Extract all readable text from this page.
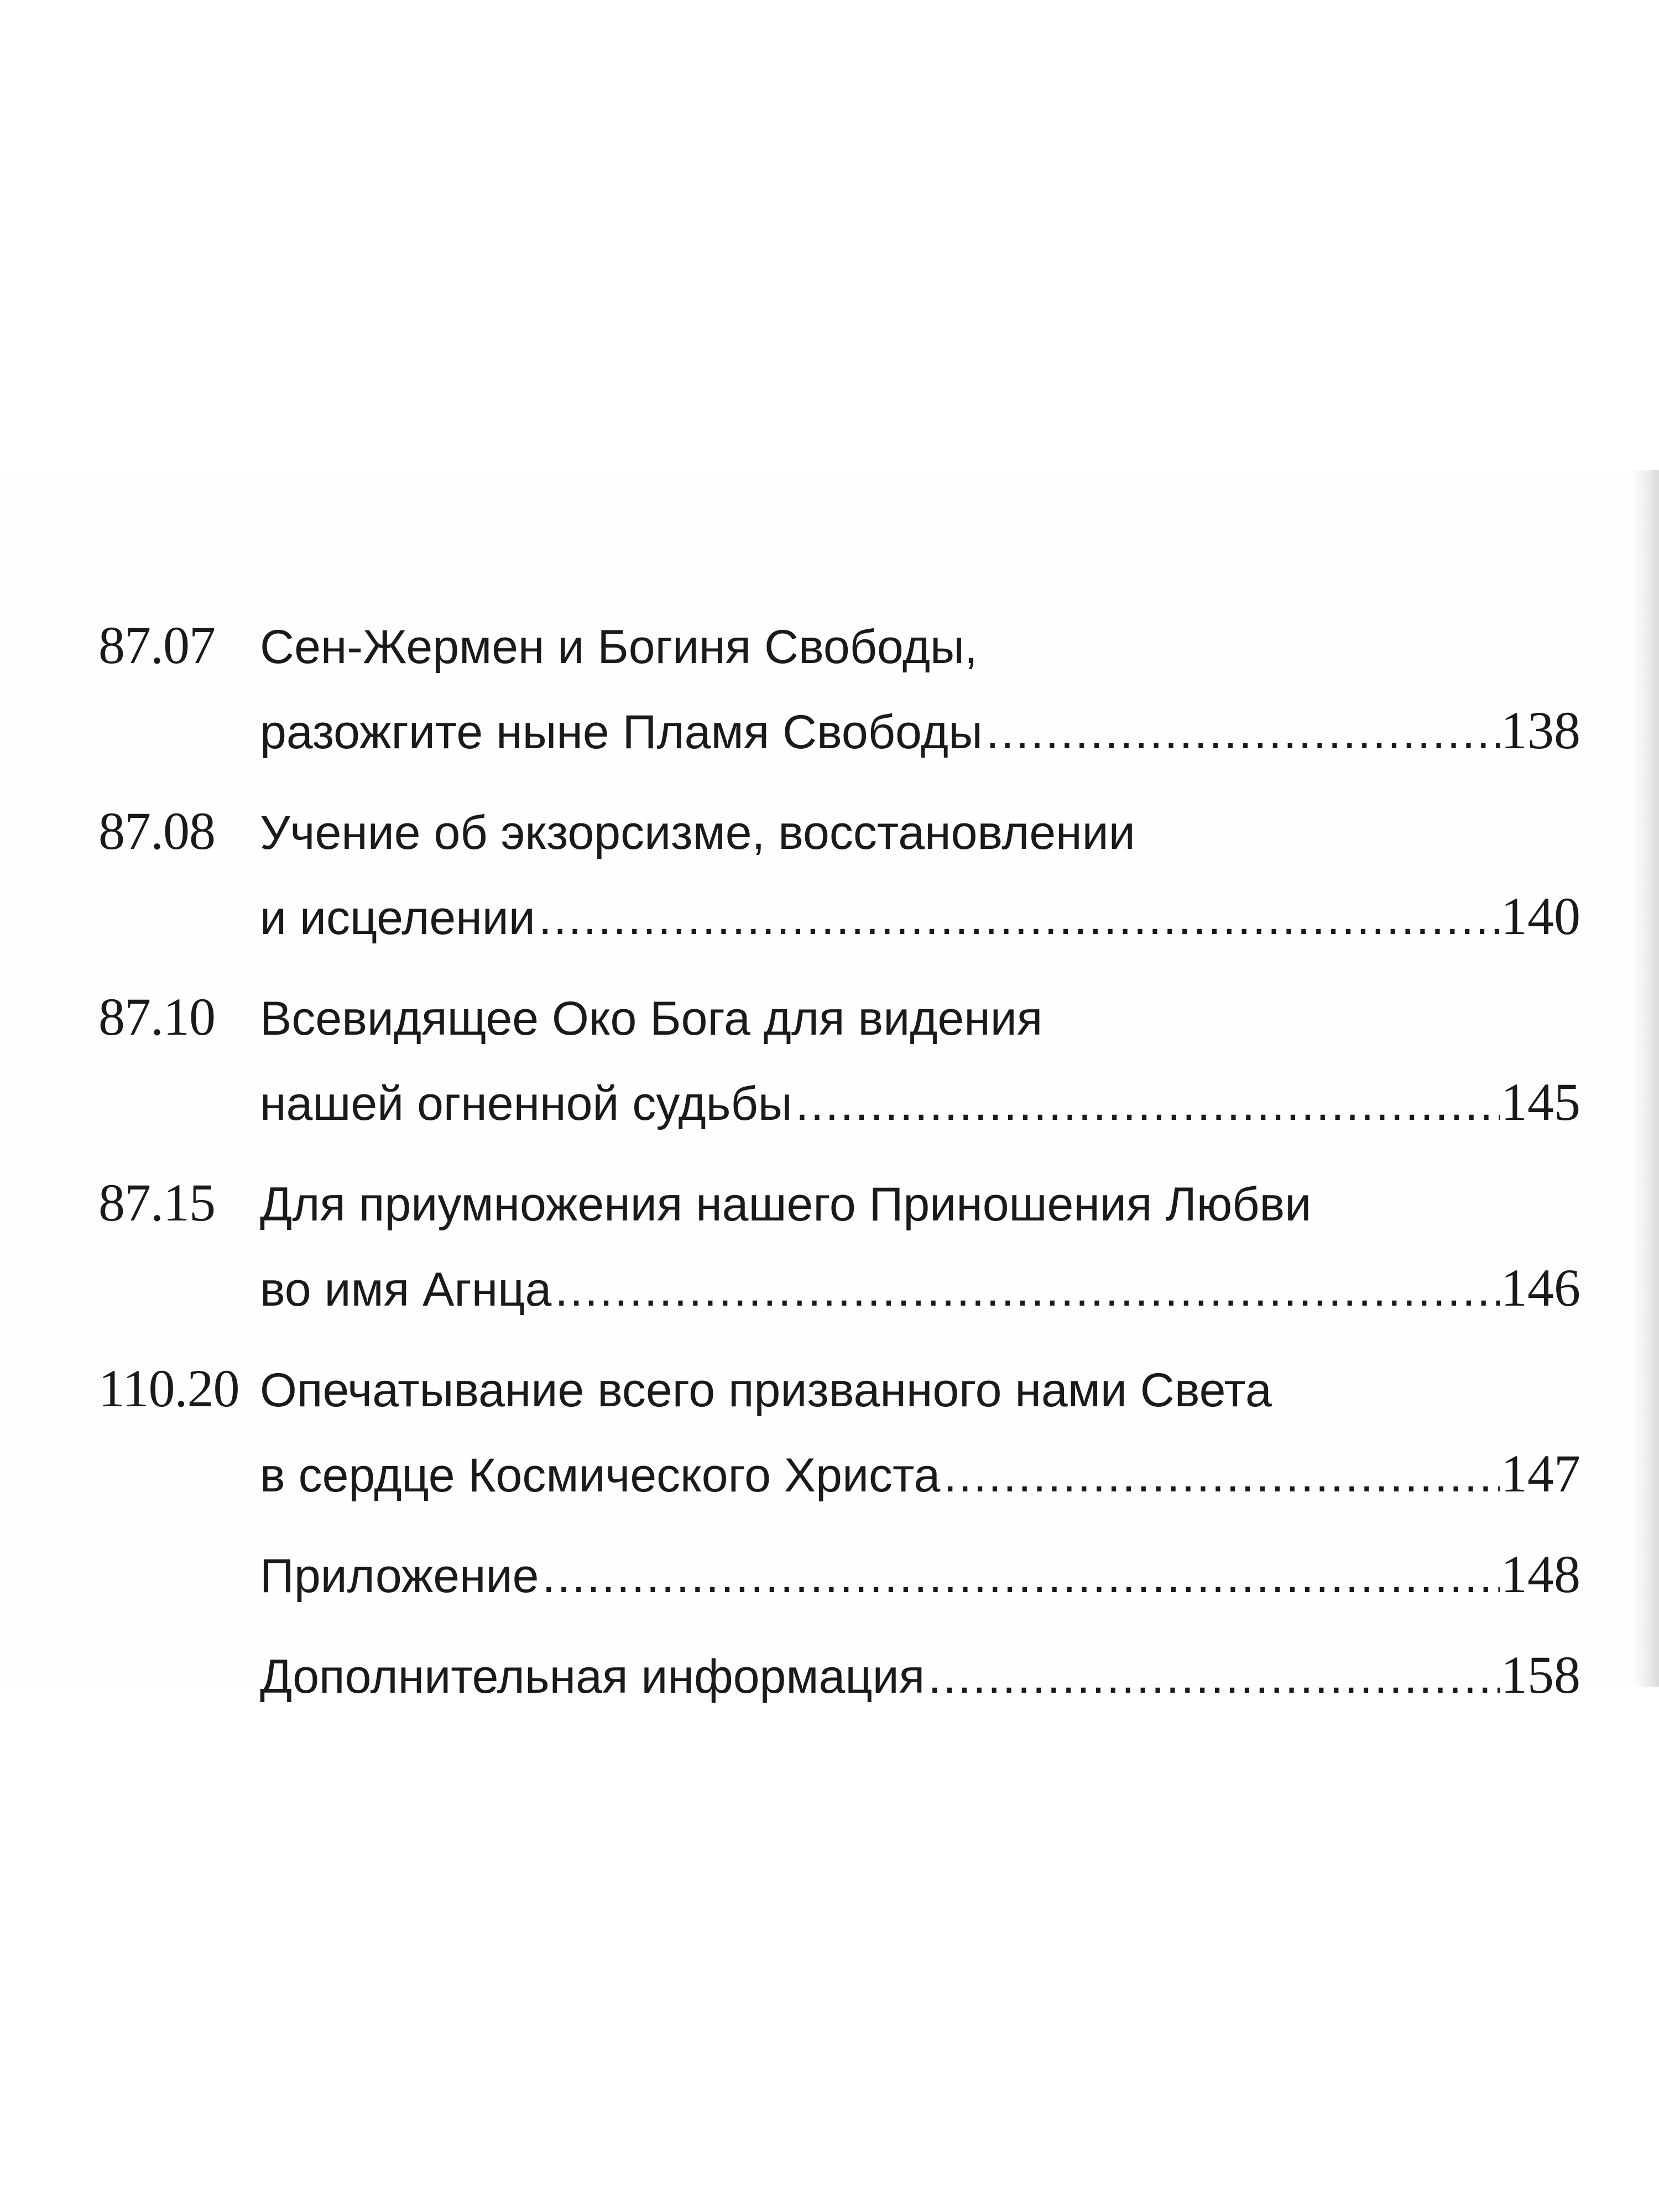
87.07 Сен-Жермен и Богиня Свободы,
разожгите ныне Пламя Свободы .....	138
87.08 Учение об экзорсизме, восстановлении
и исцелении .....	140
87.10 Всевидящее Око Бога для видения
нашей огненной судьбы .....	145
87.15 Для приумножения нашего Приношения Любви
во имя Агнца .....	146
110.20 Опечатывание всего призванного нами Света
в сердце Космического Христа .....	147
Приложение .....	148
Дополнительная информация .....	158
